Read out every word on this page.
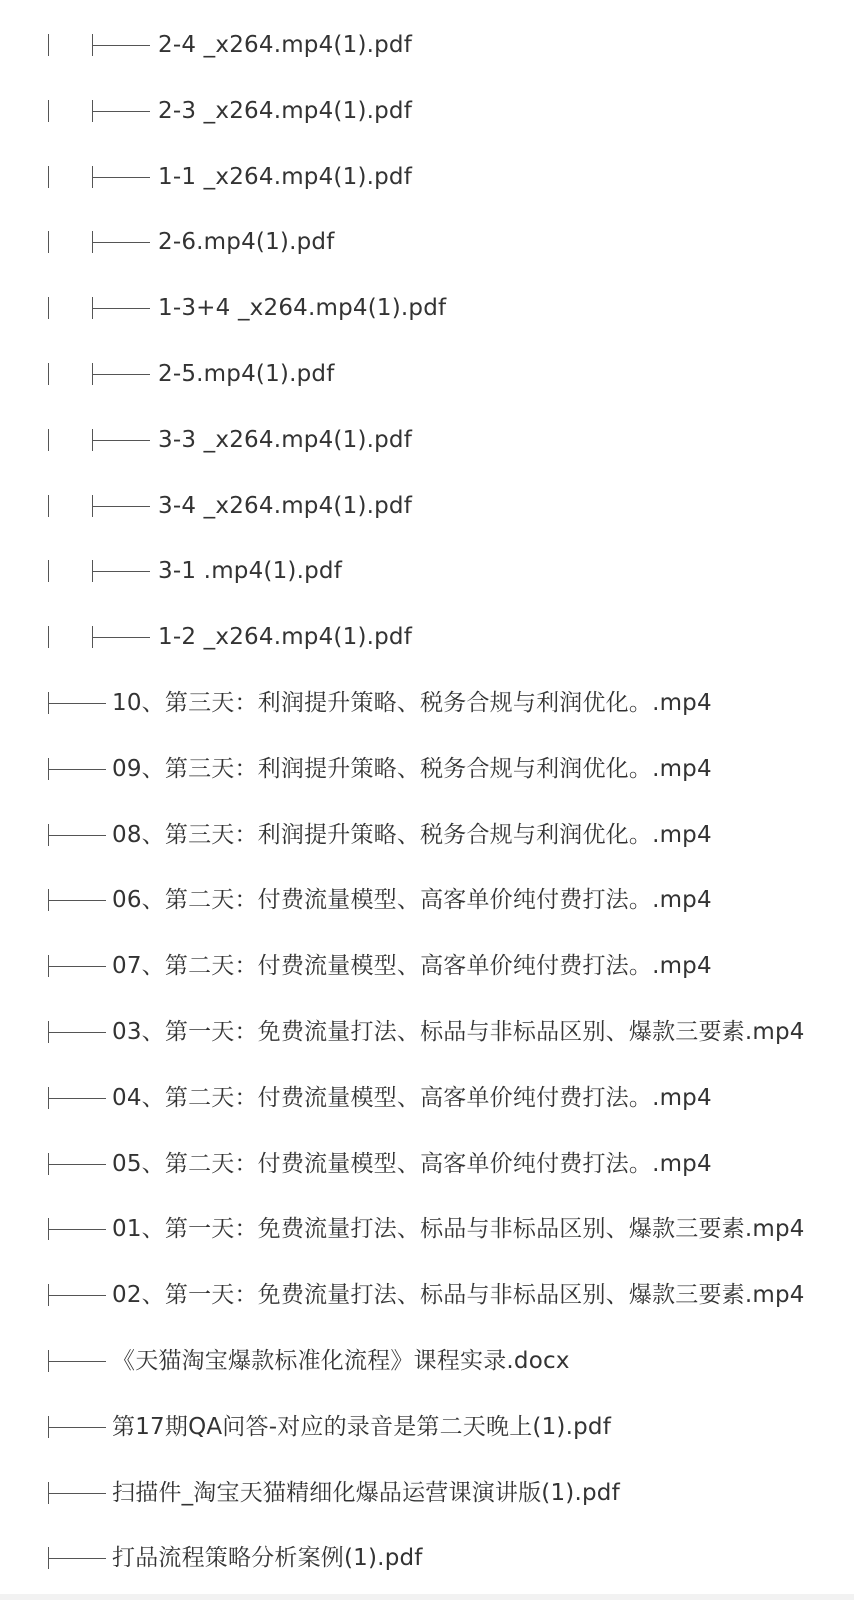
2-4 _x264.mp4(1).pdf
2-3 _x264.mp4(1).pdf
1-1 _x264.mp4(1).pdf
2-6.mp4(1).pdf
1-3+4 _x264.mp4(1).pdf
2-5.mp4(1).pdf
3-3 _x264.mp4(1).pdf
3-4 _x264.mp4(1).pdf
3-1 .mp4(1).pdf
1-2 _x264.mp4(1).pdf
10、第三天：利润提升策略、税务合规与利润优化。.mp4
09、第三天：利润提升策略、税务合规与利润优化。.mp4
08、第三天：利润提升策略、税务合规与利润优化。.mp4
06、第二天：付费流量模型、高客单价纯付费打法。.mp4
07、第二天：付费流量模型、高客单价纯付费打法。.mp4
03、第一天：免费流量打法、标品与非标品区别、爆款三要素.mp4
04、第二天：付费流量模型、高客单价纯付费打法。.mp4
05、第二天：付费流量模型、高客单价纯付费打法。.mp4
01、第一天：免费流量打法、标品与非标品区别、爆款三要素.mp4
02、第一天：免费流量打法、标品与非标品区别、爆款三要素.mp4
《天猫淘宝爆款标准化流程》课程实录.docx
第17期QA问答-对应的录音是第二天晚上(1).pdf
扫描件_淘宝天猫精细化爆品运营课演讲版(1).pdf
打品流程策略分析案例(1).pdf
